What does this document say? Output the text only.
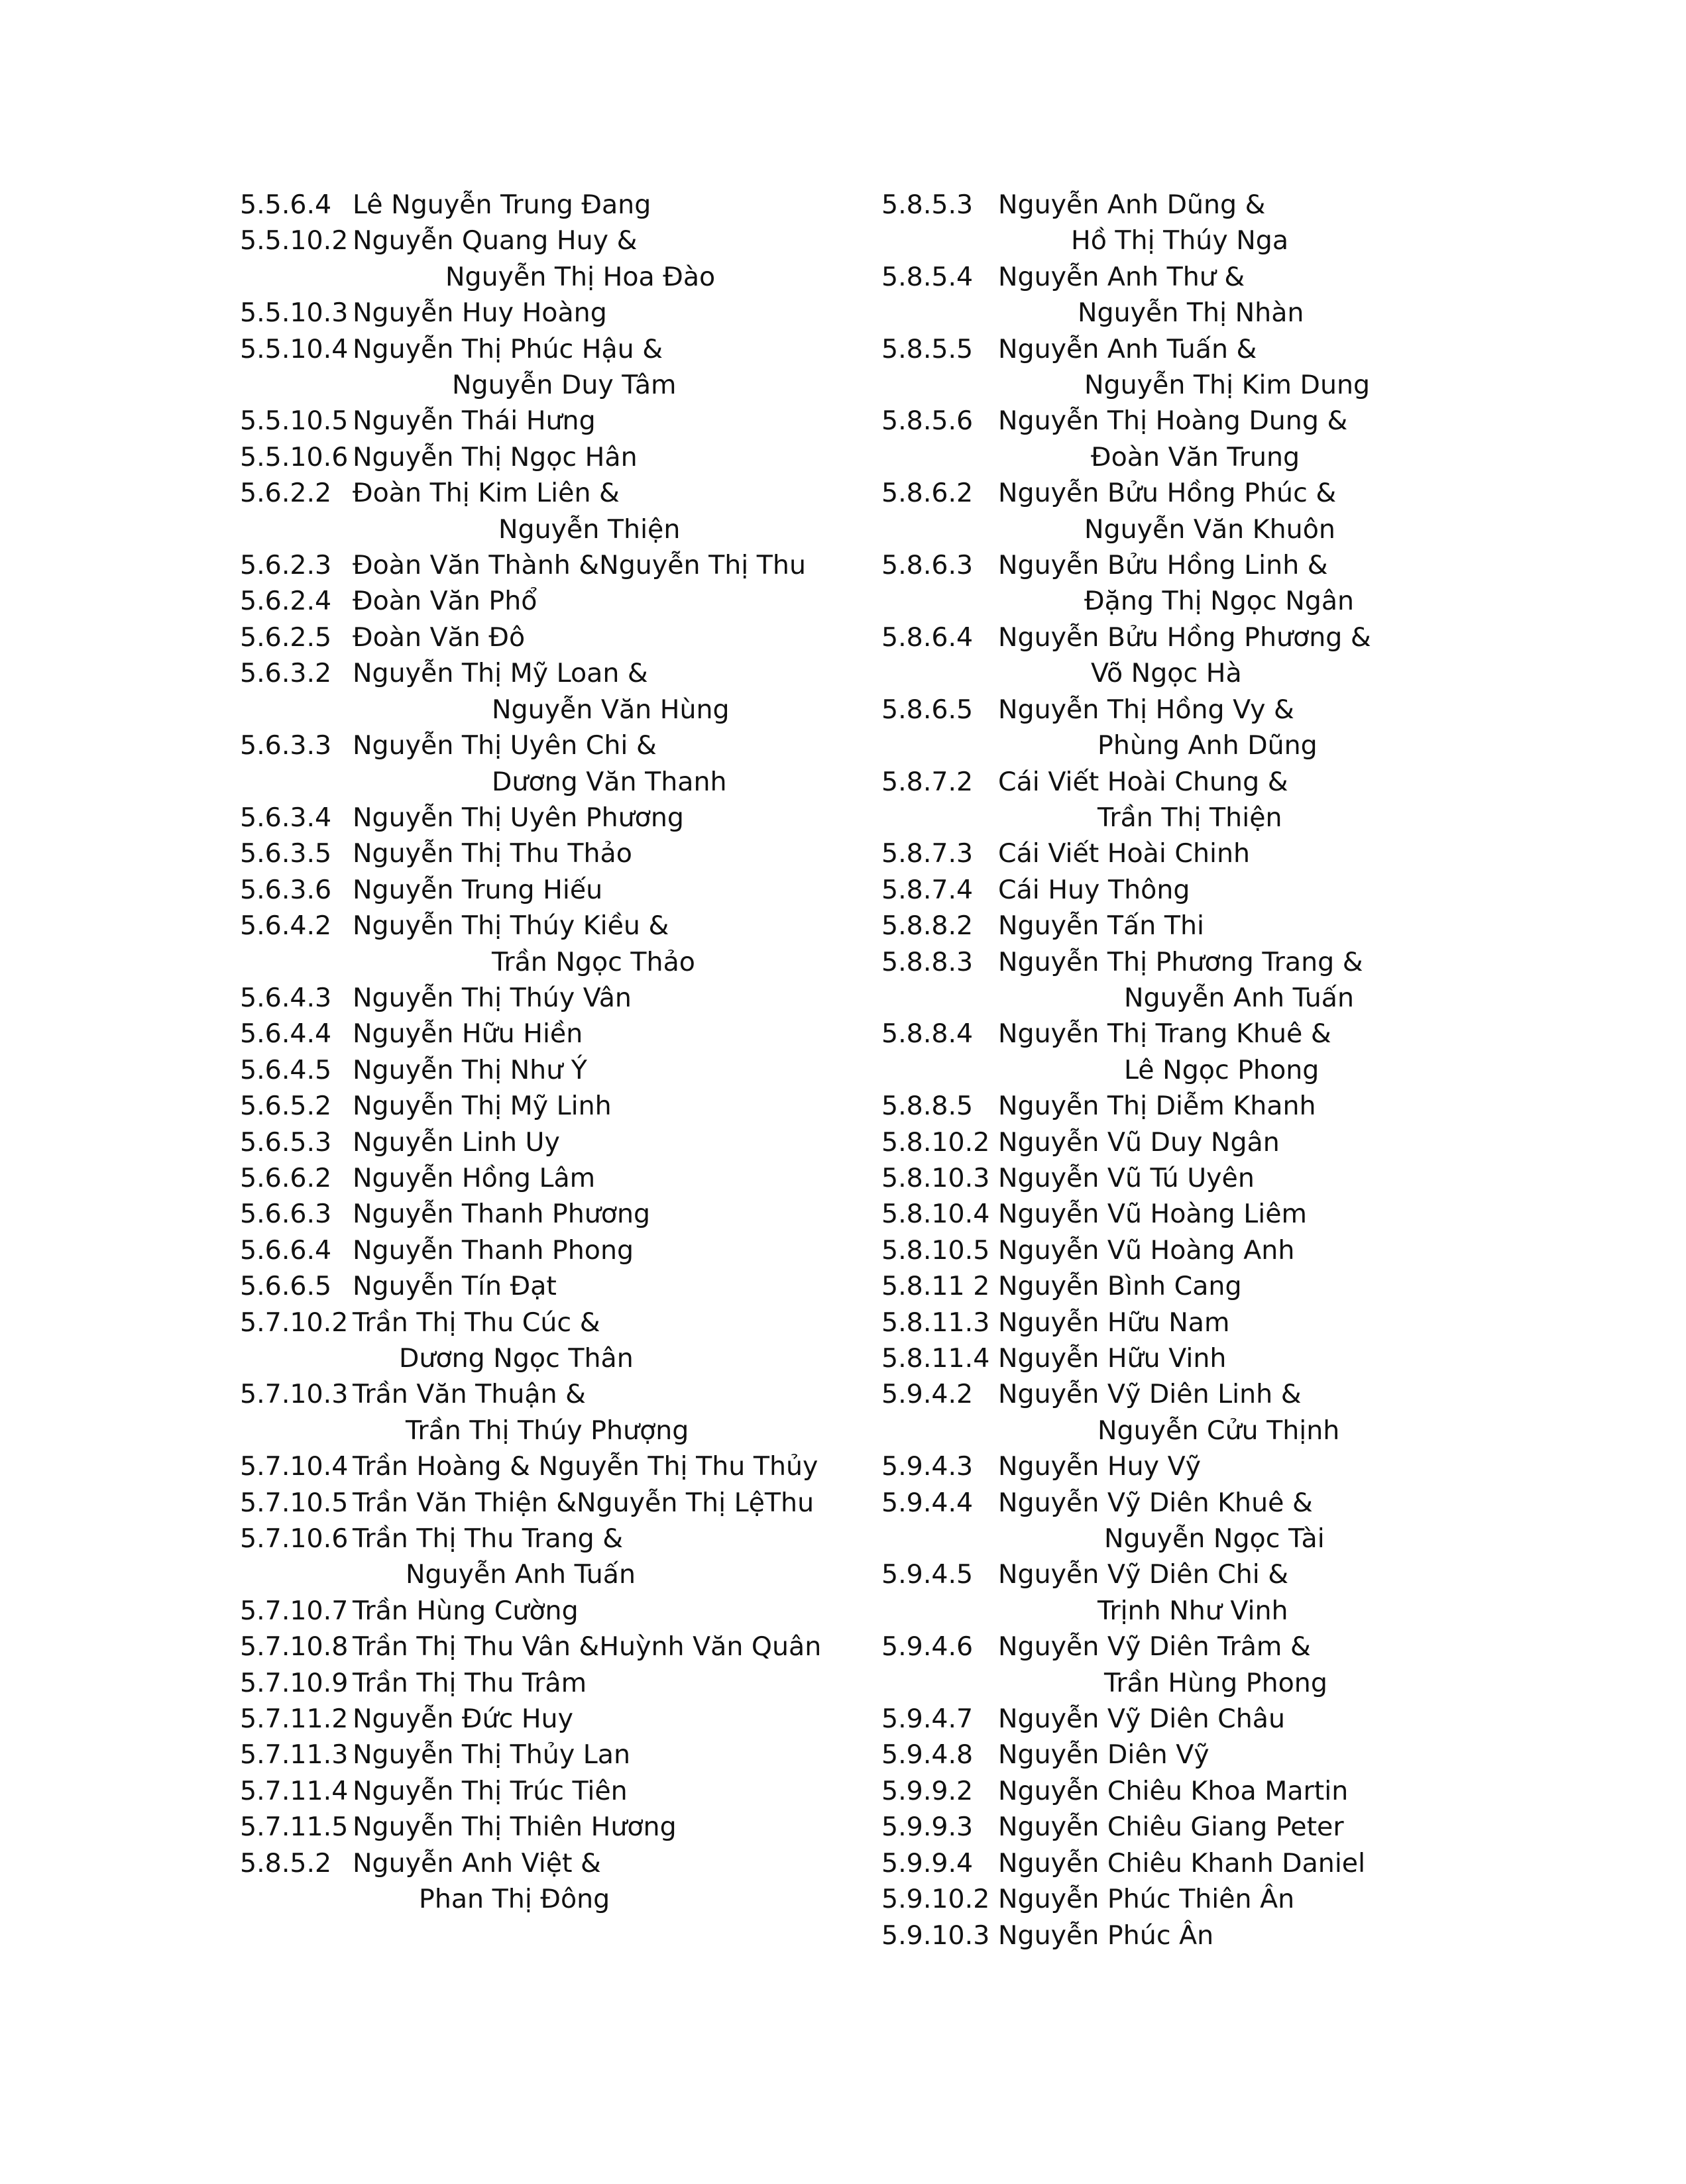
5.5.6.4 Lê Nguyễn Trung Đang
5.5.10.2 Nguyễn Quang Huy &
Nguyễn Thị Hoa Đào
5.5.10.3 Nguyễn Huy Hoàng
5.5.10.4 Nguyễn Thị Phúc Hậu &
Nguyễn Duy Tâm
5.5.10.5 Nguyễn Thái Hưng
5.5.10.6 Nguyễn Thị Ngọc Hân
5.6.2.2 Đoàn Thị Kim Liên &
Nguyễn Thiện
5.6.2.3 Đoàn Văn Thành &Nguyễn Thị Thu
5.6.2.4 Đoàn Văn Phổ
5.6.2.5 Đoàn Văn Đô
5.6.3.2 Nguyễn Thị Mỹ Loan &
Nguyễn Văn Hùng
5.6.3.3 Nguyễn Thị Uyên Chi &
Dương Văn Thanh
5.6.3.4 Nguyễn Thị Uyên Phương
5.6.3.5 Nguyễn Thị Thu Thảo
5.6.3.6 Nguyễn Trung Hiếu
5.6.4.2 Nguyễn Thị Thúy Kiều &
Trần Ngọc Thảo
5.6.4.3 Nguyễn Thị Thúy Vân
5.6.4.4 Nguyễn Hữu Hiền
5.6.4.5 Nguyễn Thị Như Ý
5.6.5.2 Nguyễn Thị Mỹ Linh
5.6.5.3 Nguyễn Linh Uy
5.6.6.2 Nguyễn Hồng Lâm
5.6.6.3 Nguyễn Thanh Phương
5.6.6.4 Nguyễn Thanh Phong
5.6.6.5 Nguyễn Tín Đạt
5.7.10.2 Trần Thị Thu Cúc &
Dương Ngọc Thân
5.7.10.3 Trần Văn Thuận &
Trần Thị Thúy Phượng
5.7.10.4 Trần Hoàng & Nguyễn Thị Thu Thủy
5.7.10.5 Trần Văn Thiện &Nguyễn Thị LệThu
5.7.10.6 Trần Thị Thu Trang &
Nguyễn Anh Tuấn
5.7.10.7 Trần Hùng Cường
5.7.10.8 Trần Thị Thu Vân &Huỳnh Văn Quân
5.7.10.9 Trần Thị Thu Trâm
5.7.11.2 Nguyễn Đức Huy
5.7.11.3 Nguyễn Thị Thủy Lan
5.7.11.4 Nguyễn Thị Trúc Tiên
5.7.11.5 Nguyễn Thị Thiên Hương
5.8.5.2 Nguyễn Anh Việt &
Phan Thị Đông
5.8.5.3 Nguyễn Anh Dũng &
Hồ Thị Thúy Nga
5.8.5.4 Nguyễn Anh Thư &
Nguyễn Thị Nhàn
5.8.5.5 Nguyễn Anh Tuấn &
Nguyễn Thị Kim Dung
5.8.5.6 Nguyễn Thị Hoàng Dung &
Đoàn Văn Trung
5.8.6.2 Nguyễn Bửu Hồng Phúc &
Nguyễn Văn Khuôn
5.8.6.3 Nguyễn Bửu Hồng Linh &
Đặng Thị Ngọc Ngân
5.8.6.4 Nguyễn Bửu Hồng Phương &
Võ Ngọc Hà
5.8.6.5 Nguyễn Thị Hồng Vy &
Phùng Anh Dũng
5.8.7.2 Cái Viết Hoài Chung &
Trần Thị Thiện
5.8.7.3 Cái Viết Hoài Chinh
5.8.7.4 Cái Huy Thông
5.8.8.2 Nguyễn Tấn Thi
5.8.8.3 Nguyễn Thị Phương Trang &
Nguyễn Anh Tuấn
5.8.8.4 Nguyễn Thị Trang Khuê &
Lê Ngọc Phong
5.8.8.5 Nguyễn Thị Diễm Khanh
5.8.10.2 Nguyễn Vũ Duy Ngân
5.8.10.3 Nguyễn Vũ Tú Uyên
5.8.10.4 Nguyễn Vũ Hoàng Liêm
5.8.10.5 Nguyễn Vũ Hoàng Anh
5.8.11 2 Nguyễn Bình Cang
5.8.11.3 Nguyễn Hữu Nam
5.8.11.4 Nguyễn Hữu Vinh
5.9.4.2 Nguyễn Vỹ Diên Linh &
Nguyễn Cửu Thịnh
5.9.4.3 Nguyễn Huy Vỹ
5.9.4.4 Nguyễn Vỹ Diên Khuê &
Nguyễn Ngọc Tài
5.9.4.5 Nguyễn Vỹ Diên Chi &
Trịnh Như Vinh
5.9.4.6 Nguyễn Vỹ Diên Trâm &
Trần Hùng Phong
5.9.4.7 Nguyễn Vỹ Diên Châu
5.9.4.8 Nguyễn Diên Vỹ
5.9.9.2 Nguyễn Chiêu Khoa Martin
5.9.9.3 Nguyễn Chiêu Giang Peter
5.9.9.4 Nguyễn Chiêu Khanh Daniel
5.9.10.2 Nguyễn Phúc Thiên Ân
5.9.10.3 Nguyễn Phúc Ân
